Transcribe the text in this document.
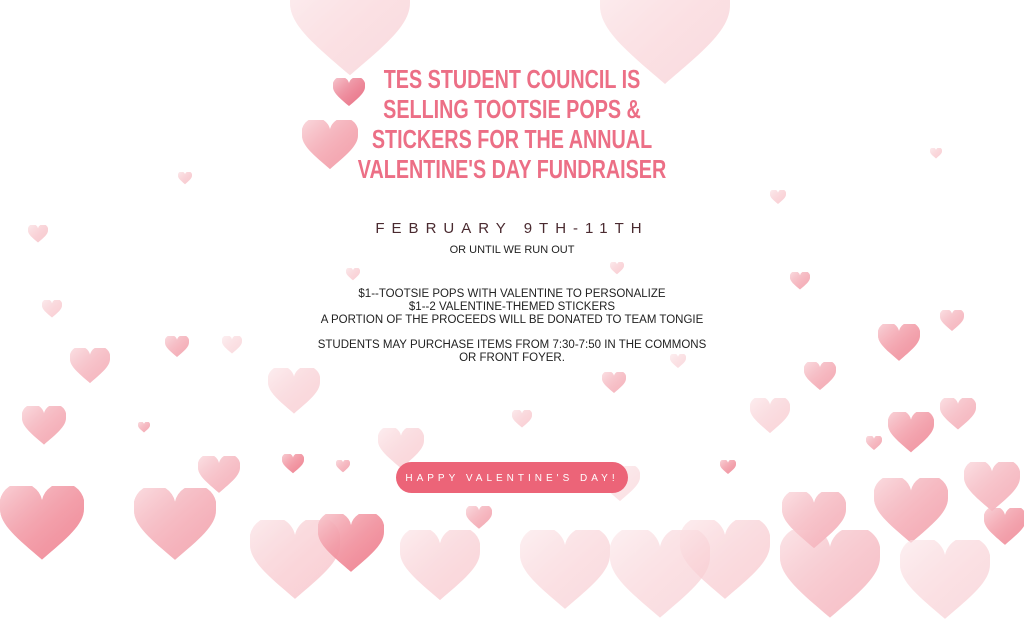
TES STUDENT COUNCIL IS
SELLING TOOTSIE POPS &
STICKERS FOR THE ANNUAL
VALENTINE'S DAY FUNDRAISER
FEBRUARY 9TH-11TH
OR UNTIL WE RUN OUT

$1--TOOTSIE POPS WITH VALENTINE TO PERSONALIZE

$1--2 VALENTINE-THEMED STICKERS

A PORTION OF THE PROCEEDS WILL BE DONATED TO TEAM TONGIE

STUDENTS MAY PURCHASE ITEMS FROM 7:30-7:50 IN THE COMMONS OR FRONT FOYER.

HAPPY VALENTINE'S DAY!
